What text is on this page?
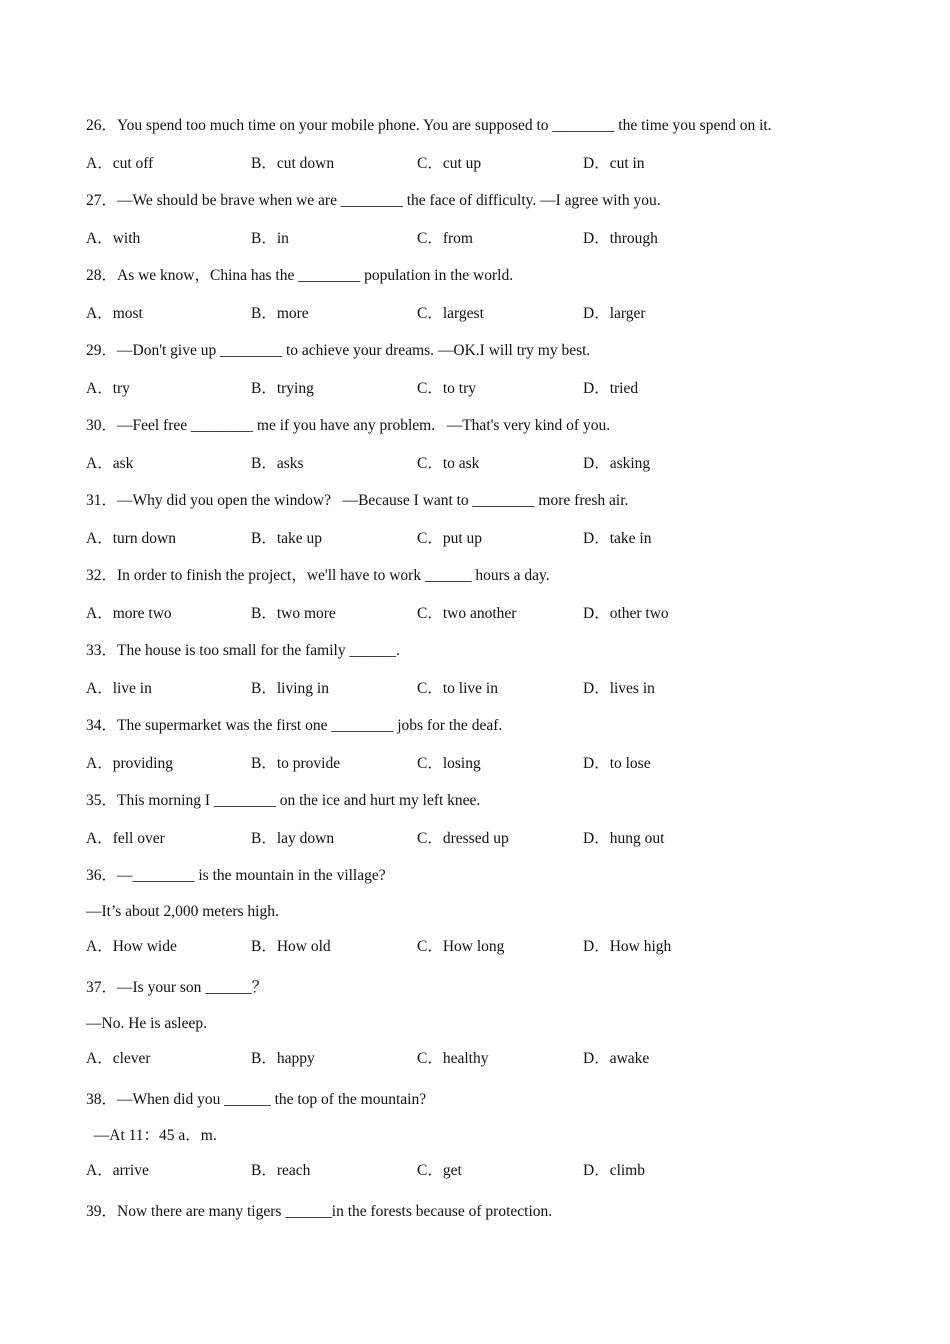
26．You spend too much time on your mobile phone. You are supposed to ________ the time you spend on it.
A．cut off	B．cut down	C．cut up	D．cut in
27．—We should be brave when we are ________ the face of difficulty. —I agree with you.
A．with	B．in	C．from	D．through
28．As we know，China has the ________ population in the world.
A．most	B．more	C．largest	D．larger
29．—Don't give up ________ to achieve your dreams. —OK.I will try my best.
A．try	B．trying	C．to try	D．tried
30．—Feel free ________ me if you have any problem.   —That's very kind of you.
A．ask	B．asks	C．to ask	D．asking
31．—Why did you open the window?   —Because I want to ________ more fresh air.
A．turn down	B．take up	C．put up	D．take in
32．In order to finish the project，we'll have to work ______ hours a day.
A．more two	B．two more	C．two another	D．other two
33．The house is too small for the family ______.
A．live in	B．living in	C．to live in	D．lives in
34．The supermarket was the first one ________ jobs for the deaf.
A．providing	B．to provide	C．losing	D．to lose
35．This morning I ________ on the ice and hurt my left knee.
A．fell over	B．lay down	C．dressed up	D．hung out
36．—________ is the mountain in the village?
—It’s about 2,000 meters high.
A．How wide	B．How old	C．How long	D．How high
37．—Is your son ______？
—No. He is asleep.
A．clever	B．happy	C．healthy	D．awake
38．—When did you ______ the top of the mountain?
—At 11：45 a．m.
A．arrive	B．reach	C．get	D．climb
39．Now there are many tigers ______in the forests because of protection.
